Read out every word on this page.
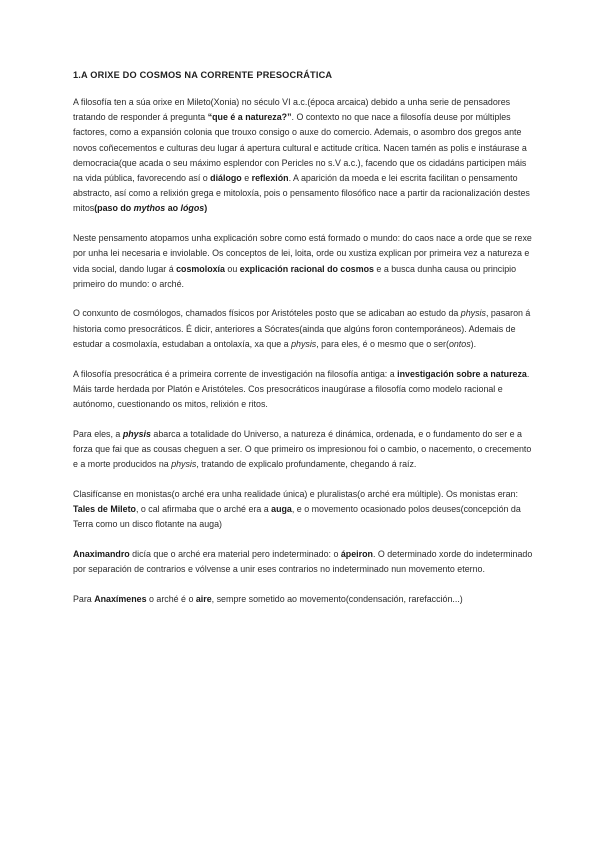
1.A ORIXE DO COSMOS NA CORRENTE PRESOCRÁTICA

A filosofía ten a súa orixe en Mileto(Xonia) no século VI a.c.(época arcaica) debido a unha serie de pensadores tratando de responder á pregunta “que é a natureza?”. O contexto no que nace a filosofía deuse por múltiples factores, como a expansión colonia que trouxo consigo o auxe do comercio. Ademais, o asombro dos gregos ante novos coñecementos e culturas deu lugar á apertura cultural e actitude crítica. Nacen tamén as polis e instáurase a democracia(que acada o seu máximo esplendor con Pericles no s.V a.c.), facendo que os cidadáns participen máis na vida pública, favorecendo así o diálogo e reflexión. A aparición da moeda e lei escrita facilitan o pensamento abstracto, así como a relixión grega e mitoloxía, pois o pensamento filosófico nace a partir da racionalización destes mitos(paso do mythos ao lógos)

Neste pensamento atopamos unha explicación sobre como está formado o mundo: do caos nace a orde que se rexe por unha lei necesaria e inviolable. Os conceptos de lei, loita, orde ou xustiza explican por primeira vez a natureza e vida social, dando lugar á cosmoloxía ou explicación racional do cosmos e a busca dunha causa ou principio primeiro do mundo: o arché.

O conxunto de cosmólogos, chamados físicos por Aristóteles posto que se adicaban ao estudo da physis, pasaron á historia como presocráticos. É dicir, anteriores a Sócrates(ainda que algúns foron contemporáneos). Ademais de estudar a cosmolaxía, estudaban a ontolaxía, xa que a physis, para eles, é o mesmo que o ser(ontos).

A filosofía presocrática é a primeira corrente de investigación na filosofía antiga: a investigación sobre a natureza. Máis tarde herdada por Platón e Aristóteles. Cos presocráticos inaugúrase a filosofía como modelo racional e autónomo, cuestionando os mitos, relixión e ritos.

Para eles, a physis abarca a totalidade do Universo, a natureza é dinámica, ordenada, e o fundamento do ser e a forza que fai que as cousas cheguen a ser. O que primeiro os impresionou foi o cambio, o nacemento, o crecemento e a morte producidos na physis, tratando de explicalo profundamente, chegando á raíz.

Clasifícanse en monistas(o arché era unha realidade única) e pluralistas(o arché era múltiple). Os monistas eran:

Tales de Mileto, o cal afirmaba que o arché era a auga, e o movemento ocasionado polos deuses(concepción da Terra como un disco flotante na auga)

Anaximandro dicía que o arché era material pero indeterminado: o ápeiron. O determinado xorde do indeterminado por separación de contrarios e vólvense a unir eses contrarios no indeterminado nun movemento eterno.

Para Anaxímenes o arché é o aire, sempre sometido ao movemento(condensación, rarefacción...)
